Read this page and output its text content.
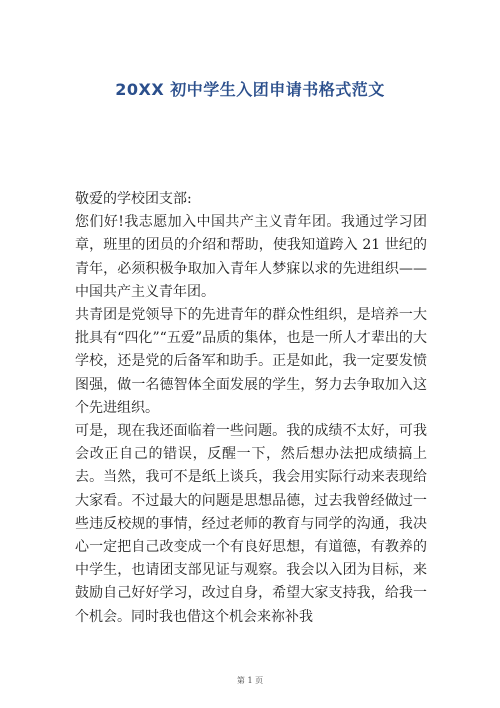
20XX 初中学生入团申请书格式范文

敬爱的学校团支部:

您们好!我志愿加入中国共产主义青年团。我通过学习团章，班里的团员的介绍和帮助，使我知道跨入 21 世纪的青年，必须积极争取加入青年人梦寐以求的先进组织——中国共产主义青年团。

共青团是党领导下的先进青年的群众性组织，是培养一大批具有“四化”“五爱”品质的集体，也是一所人才辈出的大学校，还是党的后备军和助手。正是如此，我一定要发愤图强，做一名德智体全面发展的学生，努力去争取加入这个先进组织。

可是，现在我还面临着一些问题。我的成绩不太好，可我会改正自己的错误，反醒一下，然后想办法把成绩搞上去。当然，我可不是纸上谈兵，我会用实际行动来表现给大家看。不过最大的问题是思想品德，过去我曾经做过一些违反校规的事情，经过老师的教育与同学的沟通，我决心一定把自己改变成一个有良好思想，有道德，有教养的中学生，也请团支部见证与观察。我会以入团为目标，来鼓励自己好好学习，改过自身，希望大家支持我，给我一个机会。同时我也借这个机会来祢补我

第 1 页
